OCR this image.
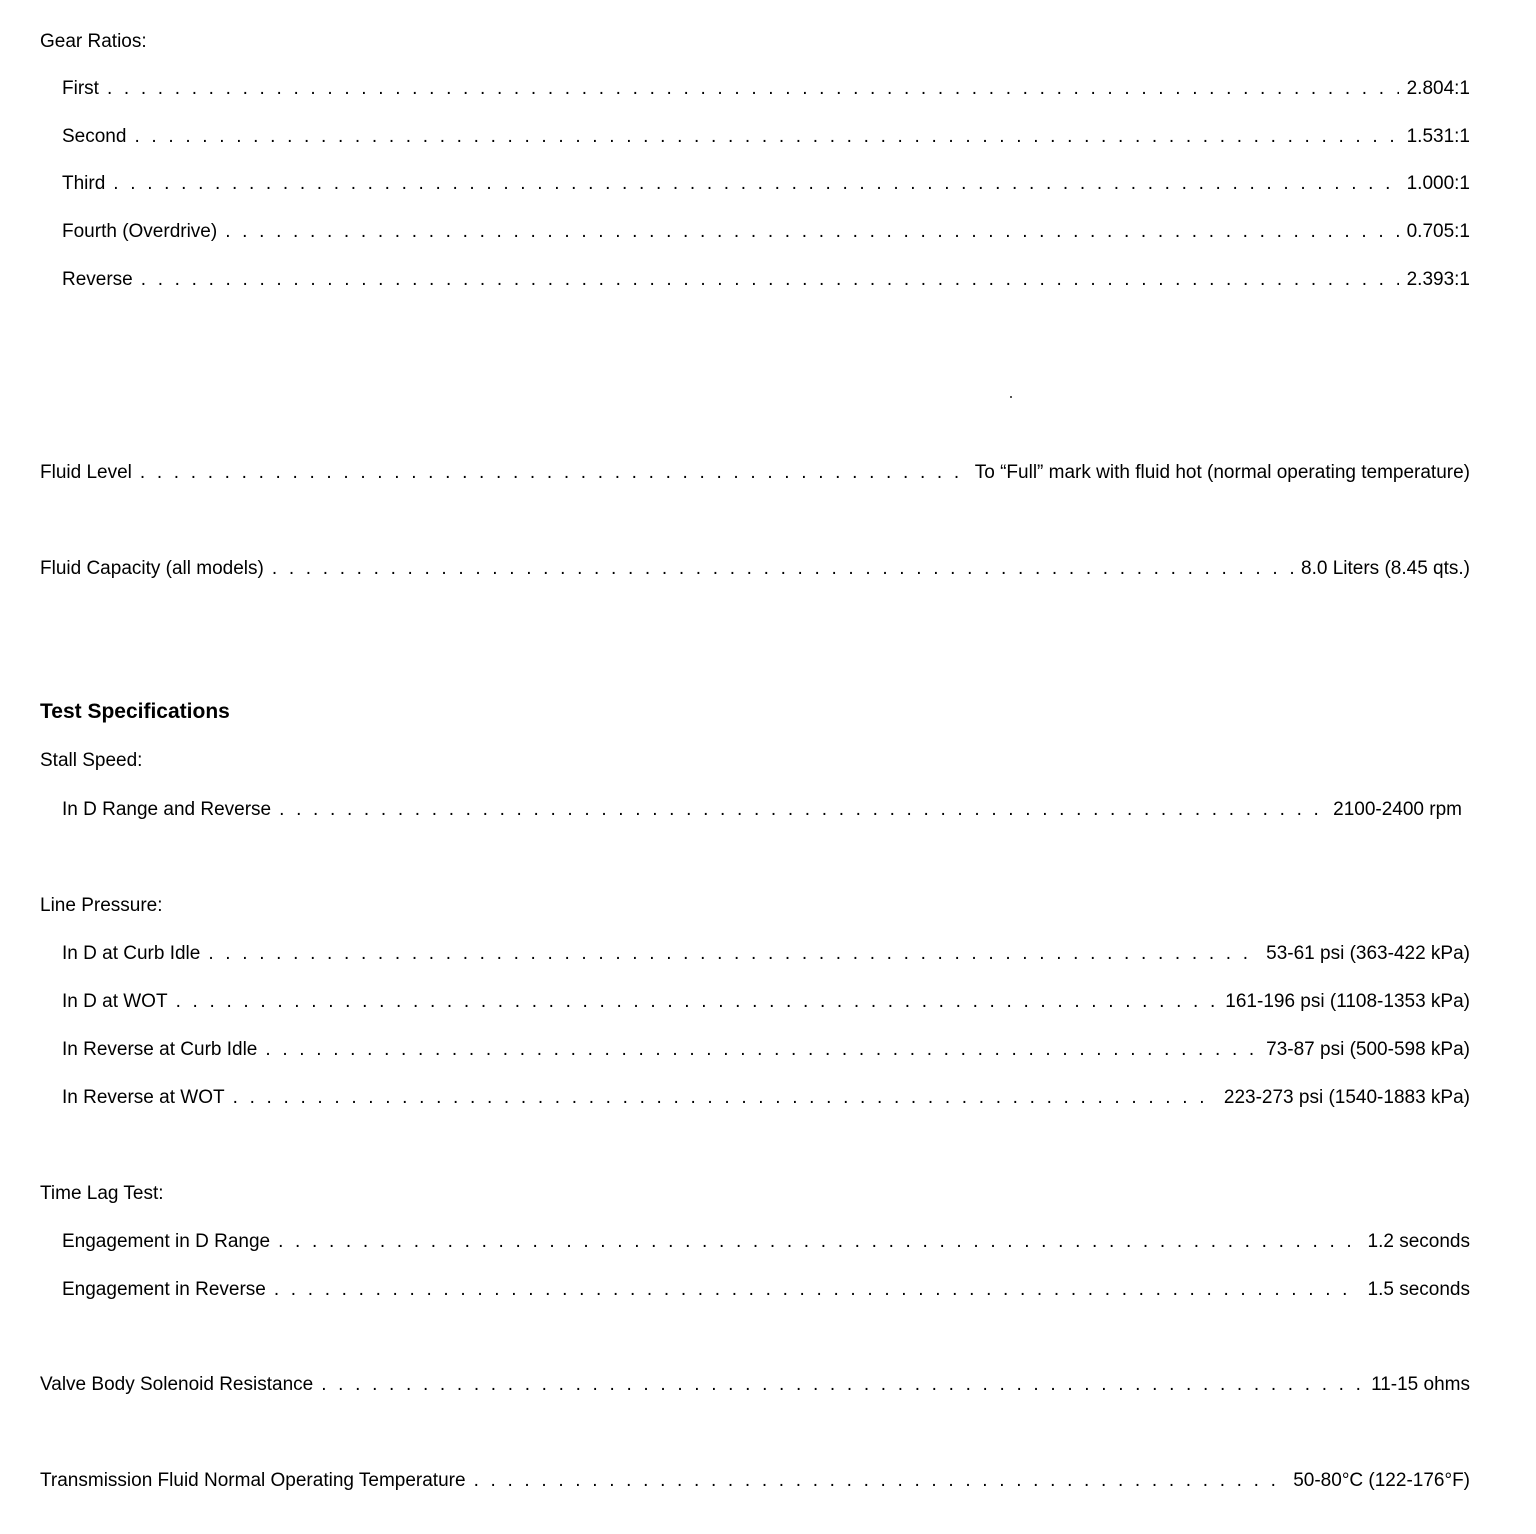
Gear Ratios:
First . . .	2.804:1
Second . . .	1.531:1
Third . . .	1.000:1
Fourth (Overdrive) . . .	0.705:1
Reverse . . .	2.393:1
Fluid Level . . .	To “Full” mark with fluid hot (normal operating temperature)
Fluid Capacity (all models) . . .	8.0 Liters (8.45 qts.)
Test Specifications
Stall Speed:
In D Range and Reverse . . .	2100-2400 rpm
Line Pressure:
In D at Curb Idle . . .	53-61 psi (363-422 kPa)
In D at WOT . . .	161-196 psi (1108-1353 kPa)
In Reverse at Curb Idle . . .	73-87 psi (500-598 kPa)
In Reverse at WOT . . .	223-273 psi (1540-1883 kPa)
Time Lag Test:
Engagement in D Range . . .	1.2 seconds
Engagement in Reverse . . .	1.5 seconds
Valve Body Solenoid Resistance . . .	11-15 ohms
Transmission Fluid Normal Operating Temperature . . .	50-80°C (122-176°F)
